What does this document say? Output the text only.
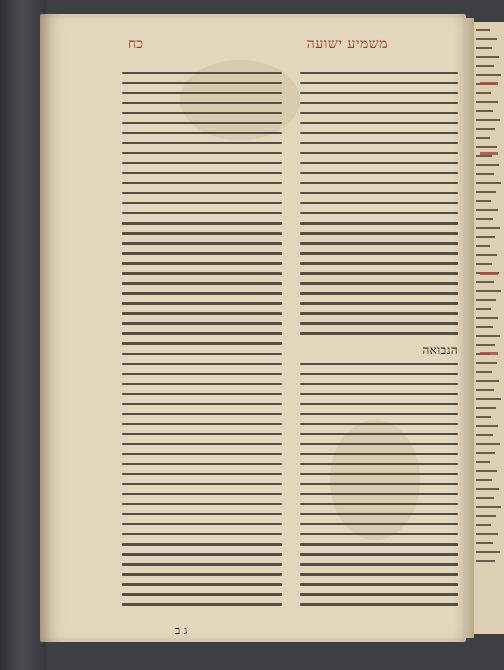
כח	משמיע ישועה
הנבואה
ג ב
